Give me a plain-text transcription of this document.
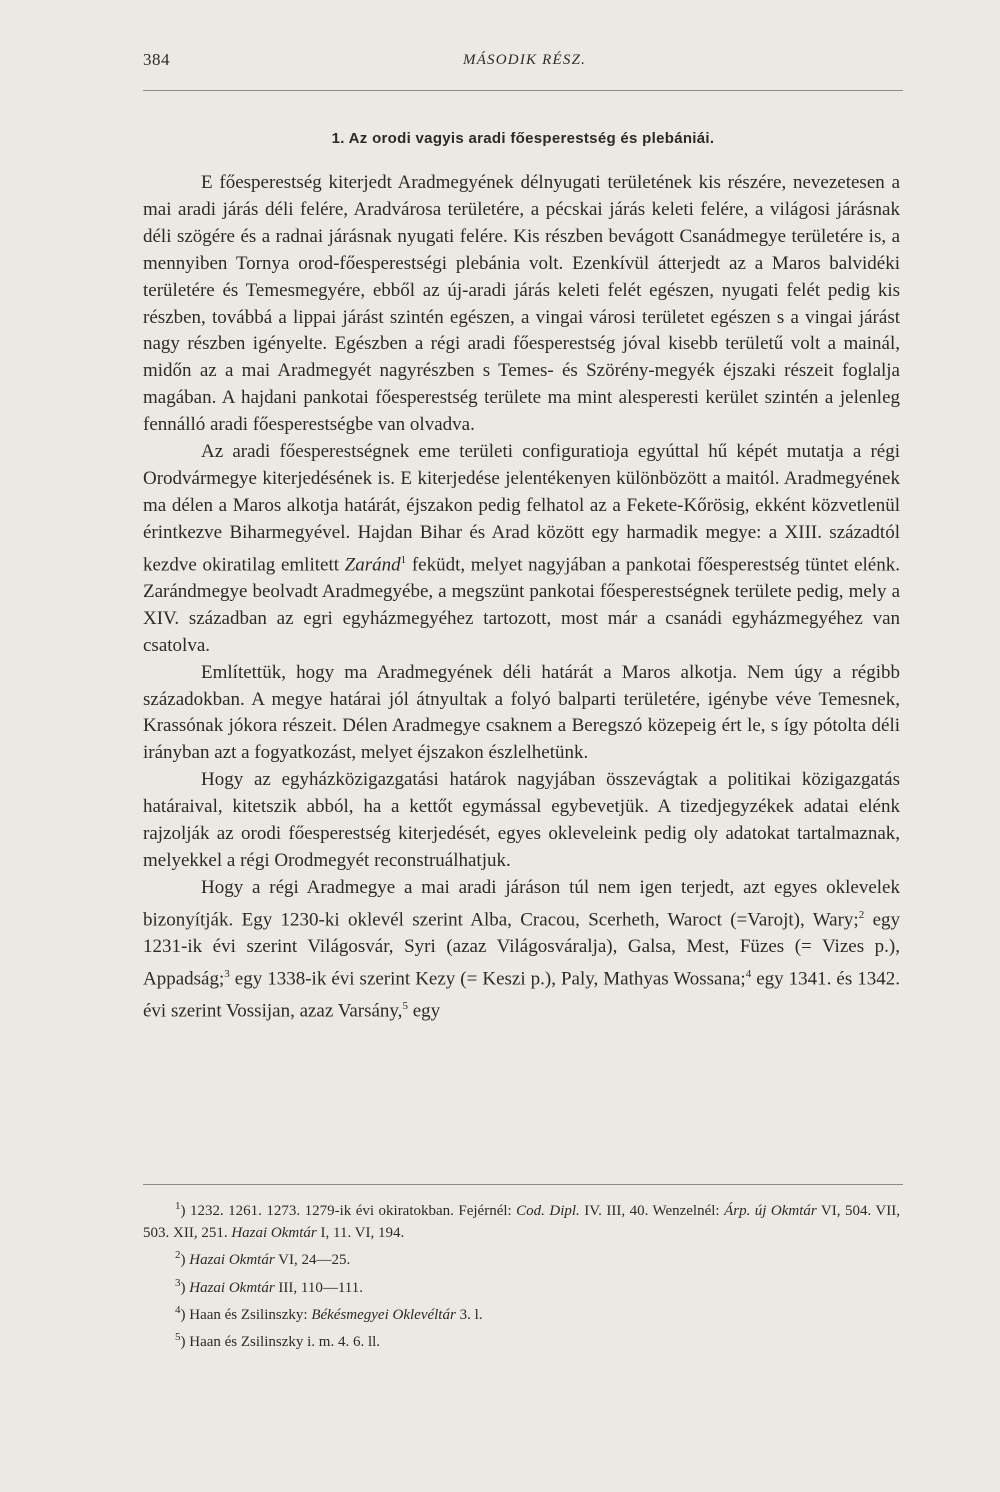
384	MÁSODIK RÉSZ.
1. Az orodi vagyis aradi főesperestség és plebániái.

E főesperestség kiterjedt Aradmegyének délnyugati területének kis részére, nevezetesen a mai aradi járás déli felére, Aradvárosa területére, a pécskai járás keleti felére, a világosi járásnak déli szögére és a radnai járásnak nyugati felére. Kis részben bevágott Csanádmegye területére is, a mennyiben Tornya orod-főesperestségi plebánia volt. Ezenkívül átterjedt az a Maros balvidéki területére és Temesmegyére, ebből az új-aradi járás keleti felét egészen, nyugati felét pedig kis részben, továbbá a lippai járást szintén egészen, a vingai városi területet egészen s a vingai járást nagy részben igényelte. Egészben a régi aradi főesperestség jóval kisebb területű volt a mainál, midőn az a mai Aradmegyét nagyrészben s Temes- és Szörény-megyék éjszaki részeit foglalja magában. A hajdani pankotai főesperestség területe ma mint alesperesti kerület szintén a jelenleg fennálló aradi főesperestségbe van olvadva.

Az aradi főesperestségnek eme területi configuratioja egyúttal hű képét mutatja a régi Orodvármegye kiterjedésének is. E kiterjedése jelentékenyen különbözött a maitól. Aradmegyének ma délen a Maros alkotja határát, éjszakon pedig felhatol az a Fekete-Kőrösig, ekként közvetlenül érintkezve Biharmegyével. Hajdan Bihar és Arad között egy harmadik megye: a XIII. századtól kezdve okiratilag emlitett Zaránd$^1$ feküdt, melyet nagyjában a pankotai főesperestség tüntet elénk. Zarándmegye beolvadt Aradmegyébe, a megszünt pankotai főesperestségnek területe pedig, mely a XIV. században az egri egyházmegyéhez tartozott, most már a csanádi egyházmegyéhez van csatolva.

Említettük, hogy ma Aradmegyének déli határát a Maros alkotja. Nem úgy a régibb századokban. A megye határai jól átnyultak a folyó balparti területére, igénybe véve Temesnek, Krassónak jókora részeit. Délen Aradmegye csaknem a Beregszó közepeig ért le, s így pótolta déli irányban azt a fogyatkozást, melyet éjszakon észlelhetünk.

Hogy az egyházközigazgatási határok nagyjában összevágtak a politikai közigazgatás határaival, kitetszik abból, ha a kettőt egymással egybevetjük. A tizedjegyzékek adatai elénk rajzolják az orodi főesperestség kiterjedését, egyes okleveleink pedig oly adatokat tartalmaznak, melyekkel a régi Orodmegyét reconstruálhatjuk.

Hogy a régi Aradmegye a mai aradi járáson túl nem igen terjedt, azt egyes oklevelek bizonyítják. Egy 1230-ki oklevél szerint Alba, Cracou, Scerheth, Waroct (=Varojt), Wary;$^2$ egy 1231-ik évi szerint Világosvár, Syri (azaz Világosváralja), Galsa, Mest, Füzes (= Vizes p.), Appadság;$^3$ egy 1338-ik évi szerint Kezy (= Keszi p.), Paly, Mathyas Wossana;$^4$ egy 1341. és 1342. évi szerint Vossijan, azaz Varsány,$^5$ egy

$^1$) 1232. 1261. 1273. 1279-ik évi okiratokban. Fejérnél: Cod. Dipl. IV. III, 40. Wenzelnél: Árp. új Okmtár VI, 504. VII, 503. XII, 251. Hazai Okmtár I, 11. VI, 194.

$^2$) Hazai Okmtár VI, 24—25.

$^3$) Hazai Okmtár III, 110—111.

$^4$) Haan és Zsilinszky: Békésmegyei Oklevéltár 3. l.

$^5$) Haan és Zsilinszky i. m. 4. 6. ll.
